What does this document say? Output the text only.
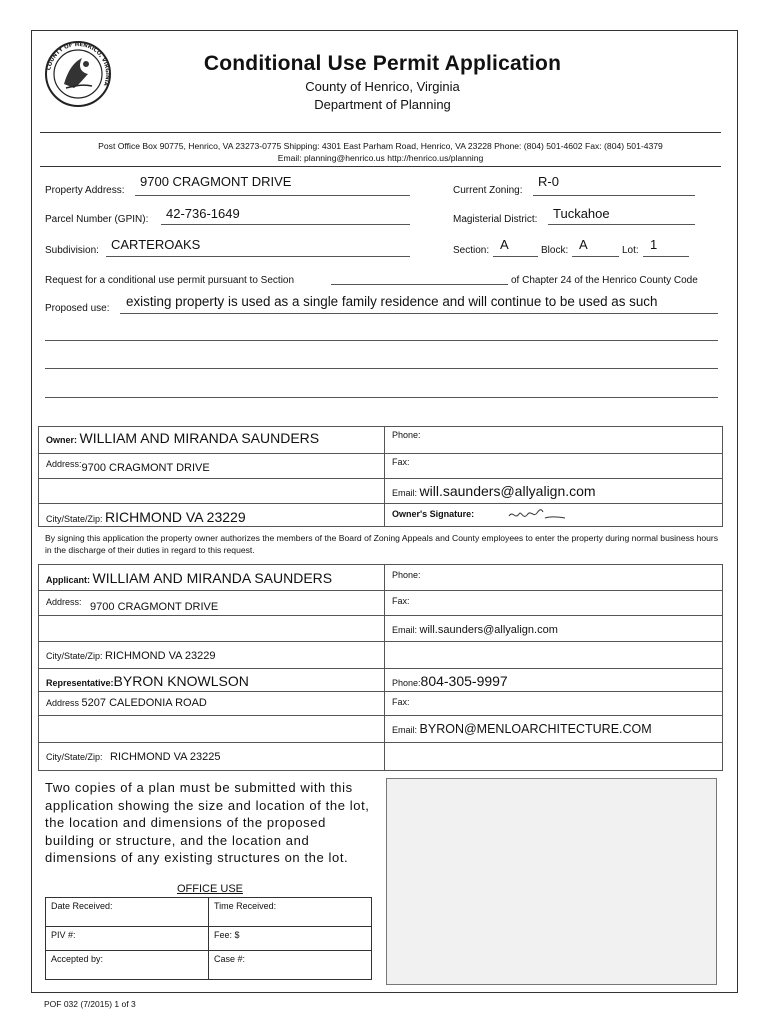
COUNTY OF HENRICO, VIRGINIA
Conditional Use Permit Application
County of Henrico, Virginia
Department of Planning
Post Office Box 90775, Henrico, VA 23273-0775 Shipping: 4301 East Parham Road, Henrico, VA 23228 Phone: (804) 501-4602 Fax: (804) 501-4379
Email: planning@henrico.us http://henrico.us/planning
Property Address:
9700 CRAGMONT DRIVE
Current Zoning:
R-0
Parcel Number (GPIN): 42-736-1649	Magisterial District: Tuckahoe
Subdivision: CARTEROAKS	Section: A	Block: A	Lot: 1
Request for a conditional use permit pursuant to Section	of Chapter 24 of the Henrico County Code
Proposed use: existing property is used as a single family residence and will continue to be used as such
Owner: WILLIAM AND MIRANDA SAUNDERS	Phone:

Address:9700 CRAGMONT DRIVE	Fax:

	Email: will.saunders@allyalign.com

City/State/Zip: RICHMOND VA 23229	Owner's Signature:
By signing this application the property owner authorizes the members of the Board of Zoning Appeals and County employees to enter the property during normal business hours in the discharge of their duties in regard to this request.
Applicant: WILLIAM AND MIRANDA SAUNDERS	Phone:

Address: 9700 CRAGMONT DRIVE	Fax:

	Email: will.saunders@allyalign.com

City/State/Zip: RICHMOND VA 23229	

Representative:BYRON KNOWLSON	Phone:804-305-9997

Address 5207 CALEDONIA ROAD	Fax:

	Email: BYRON@MENLOARCHITECTURE.COM

City/State/Zip: RICHMOND VA 23225	

Two copies of a plan must be submitted with this application showing the size and location of the lot, the location and dimensions of the proposed building or structure, and the location and dimensions of any existing structures on the lot.
OFFICE USE
Date Received:	Time Received:
PIV #:	Fee: $
Accepted by:	Case #:
POF 032 (7/2015) 1 of 3
